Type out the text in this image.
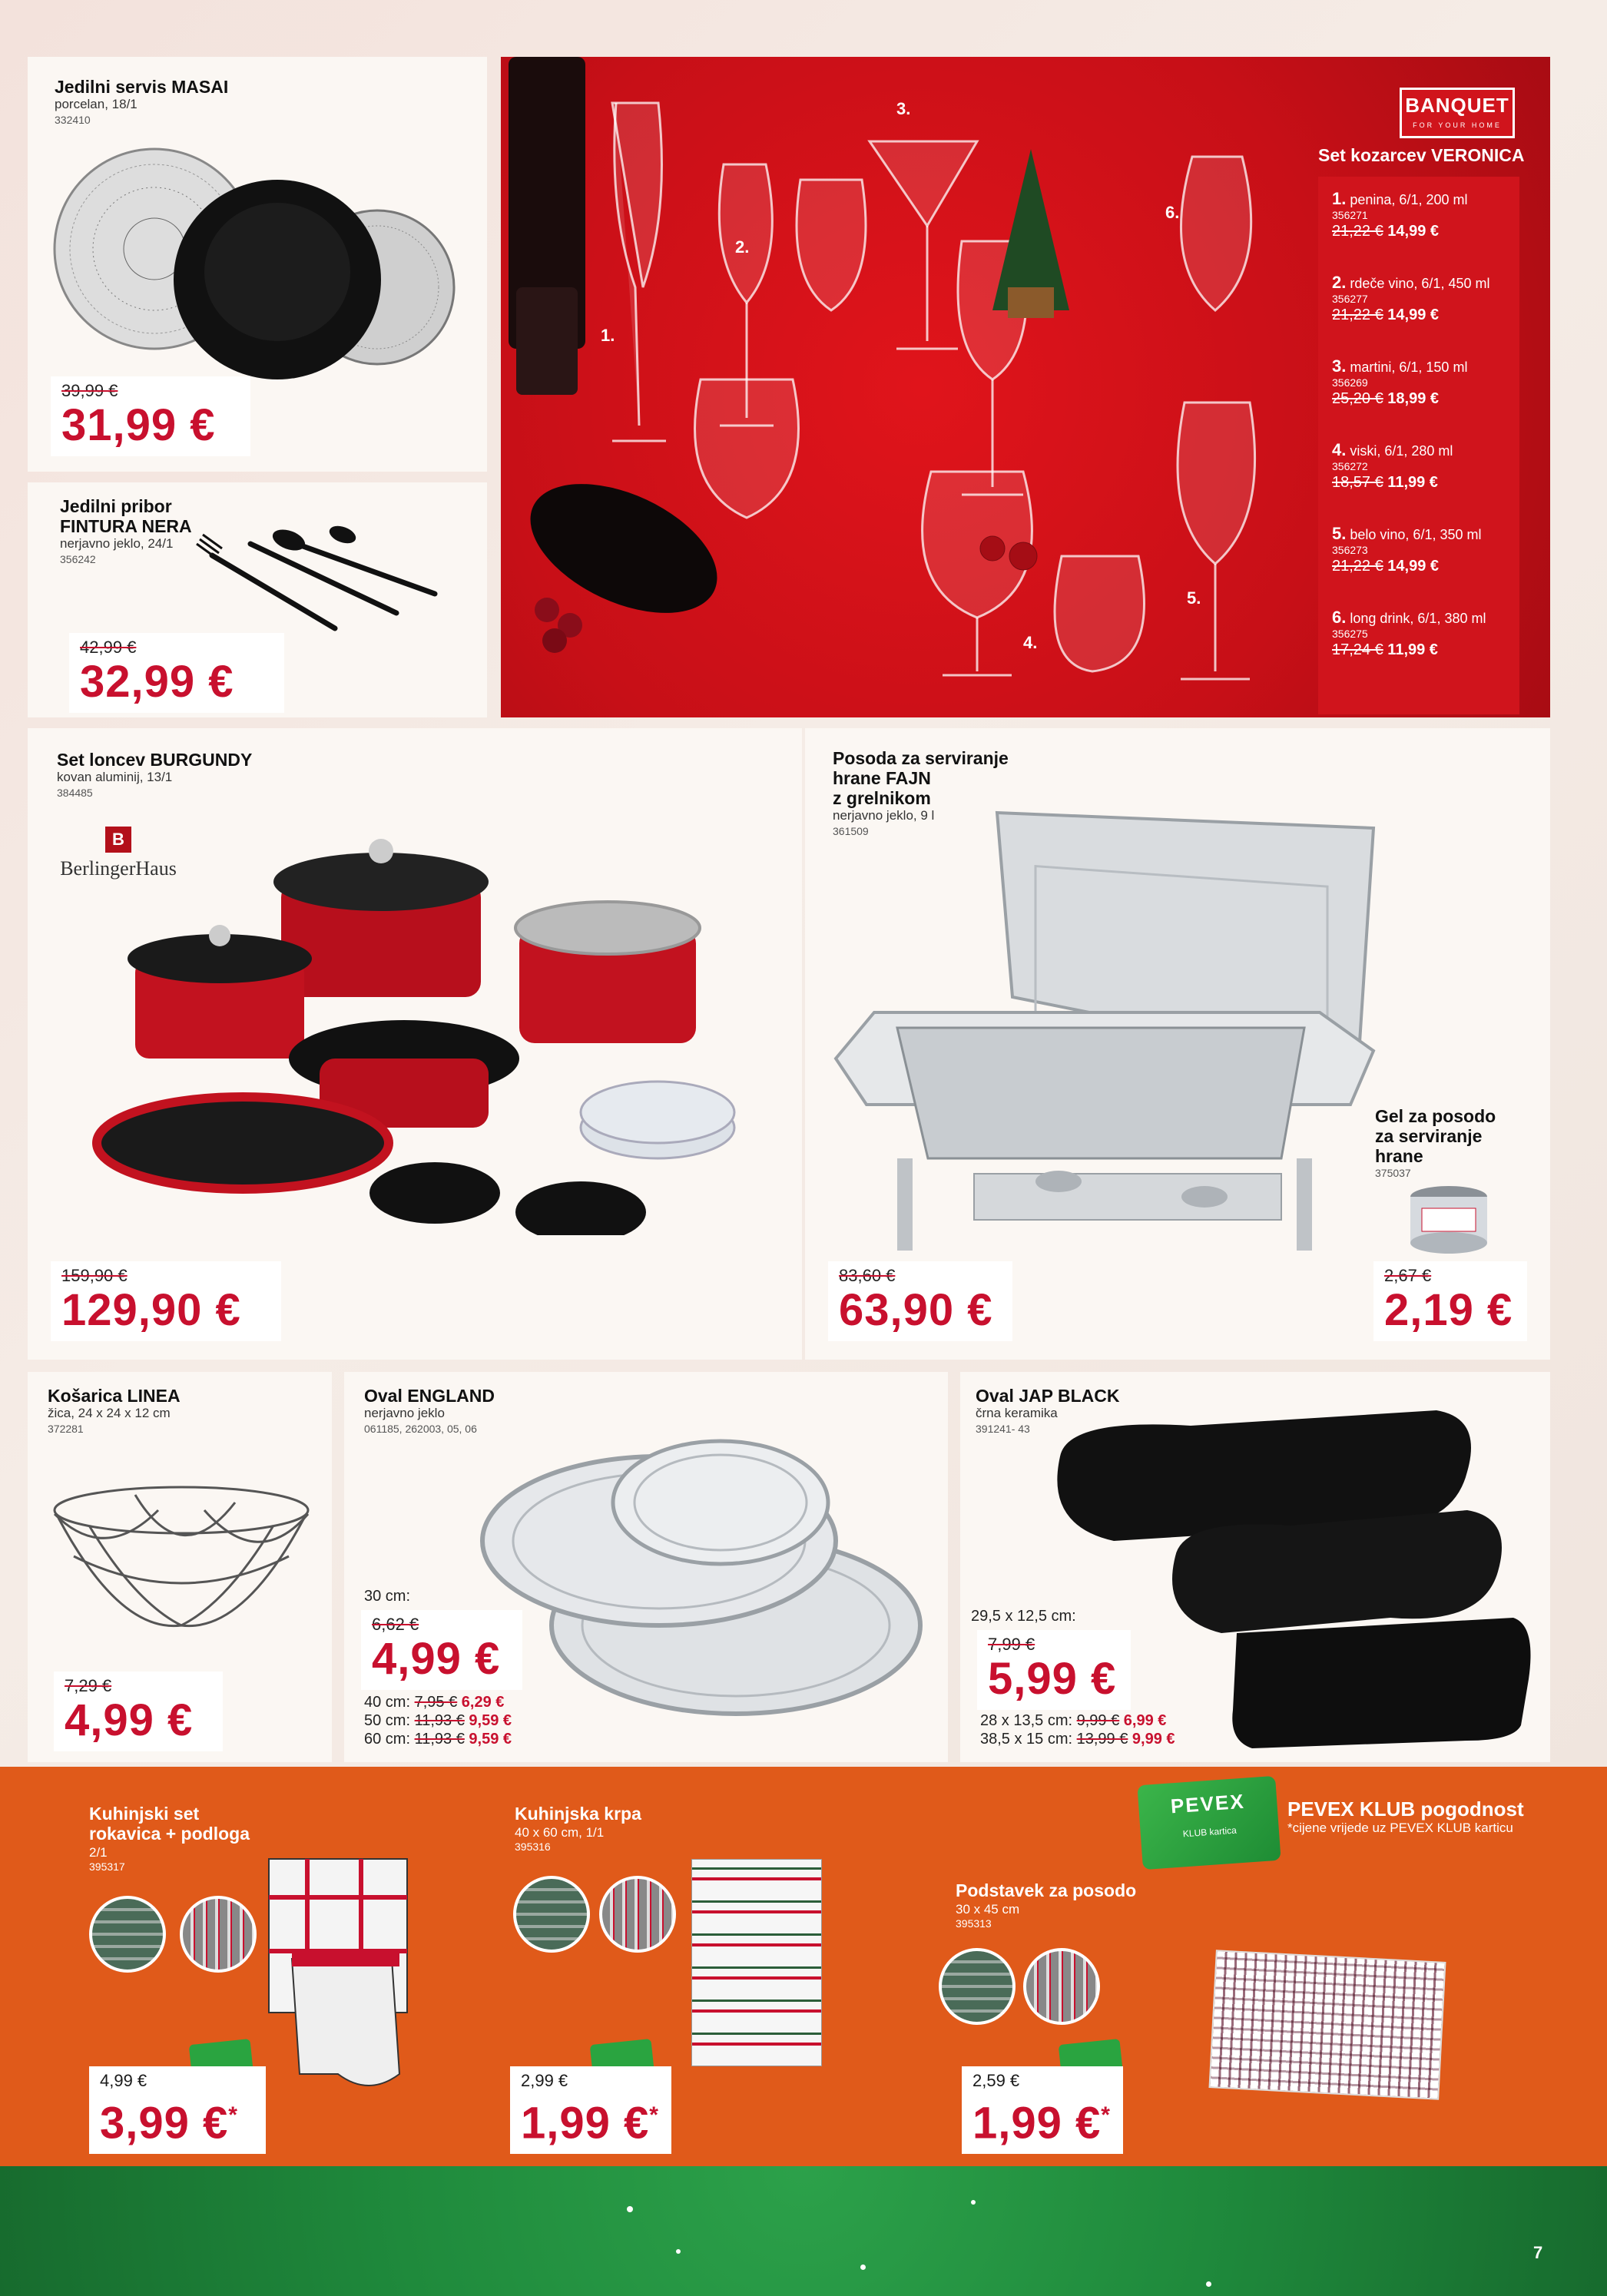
Jedilni servis MASAI
porcelan, 18/1
332410
39,99 €
31,99 €
Jedilni pribor
FINTURA NERA
nerjavno jeklo, 24/1
356242
42,99 €
32,99 €
1.
2.
3.
4.
5.
6.
BANQUET
FOR YOUR HOME
Set kozarcev VERONICA
1. penina, 6/1, 200 ml
356271
21,22 € 14,99 €
2. rdeče vino, 6/1, 450 ml
356277
21,22 € 14,99 €
3. martini, 6/1, 150 ml
356269
25,20 € 18,99 €
4. viski, 6/1, 280 ml
356272
18,57 € 11,99 €
5. belo vino, 6/1, 350 ml
356273
21,22 € 14,99 €
6. long drink, 6/1, 380 ml
356275
17,24 € 11,99 €
Set loncev BURGUNDY
kovan aluminij, 13/1
384485
B
BerlingerHaus
159,90 €
129,90 €
Posoda za serviranje
hrane FAJN
z grelnikom
nerjavno jeklo, 9 l
361509
Gel za posodo
za serviranje
hrane
375037
83,60 €
63,90 €
2,67 €
2,19 €
Košarica LINEA
žica, 24 x 24 x 12 cm
372281
7,29 €
4,99 €
Oval ENGLAND
nerjavno jeklo
061185, 262003, 05, 06
30 cm:
6,62 €
4,99 €
40 cm: 7,95 € 6,29 €
50 cm: 11,93 € 9,59 €
60 cm: 11,93 € 9,59 €
Oval JAP BLACK
črna keramika
391241- 43
29,5 x 12,5 cm:
7,99 €
5,99 €
28 x 13,5 cm: 9,99 € 6,99 €
38,5 x 15 cm: 13,99 € 9,99 €
PEVEX
KLUB kartica
PEVEX KLUB pogodnost
*cijene vrijede uz PEVEX KLUB karticu
Kuhinjski set
rokavica + podloga
2/1
395317
4,99 €
3,99 €*
Kuhinjska krpa
40 x 60 cm, 1/1
395316
2,99 €
1,99 €*
Podstavek za posodo
30 x 45 cm
395313
2,59 €
1,99 €*
7
